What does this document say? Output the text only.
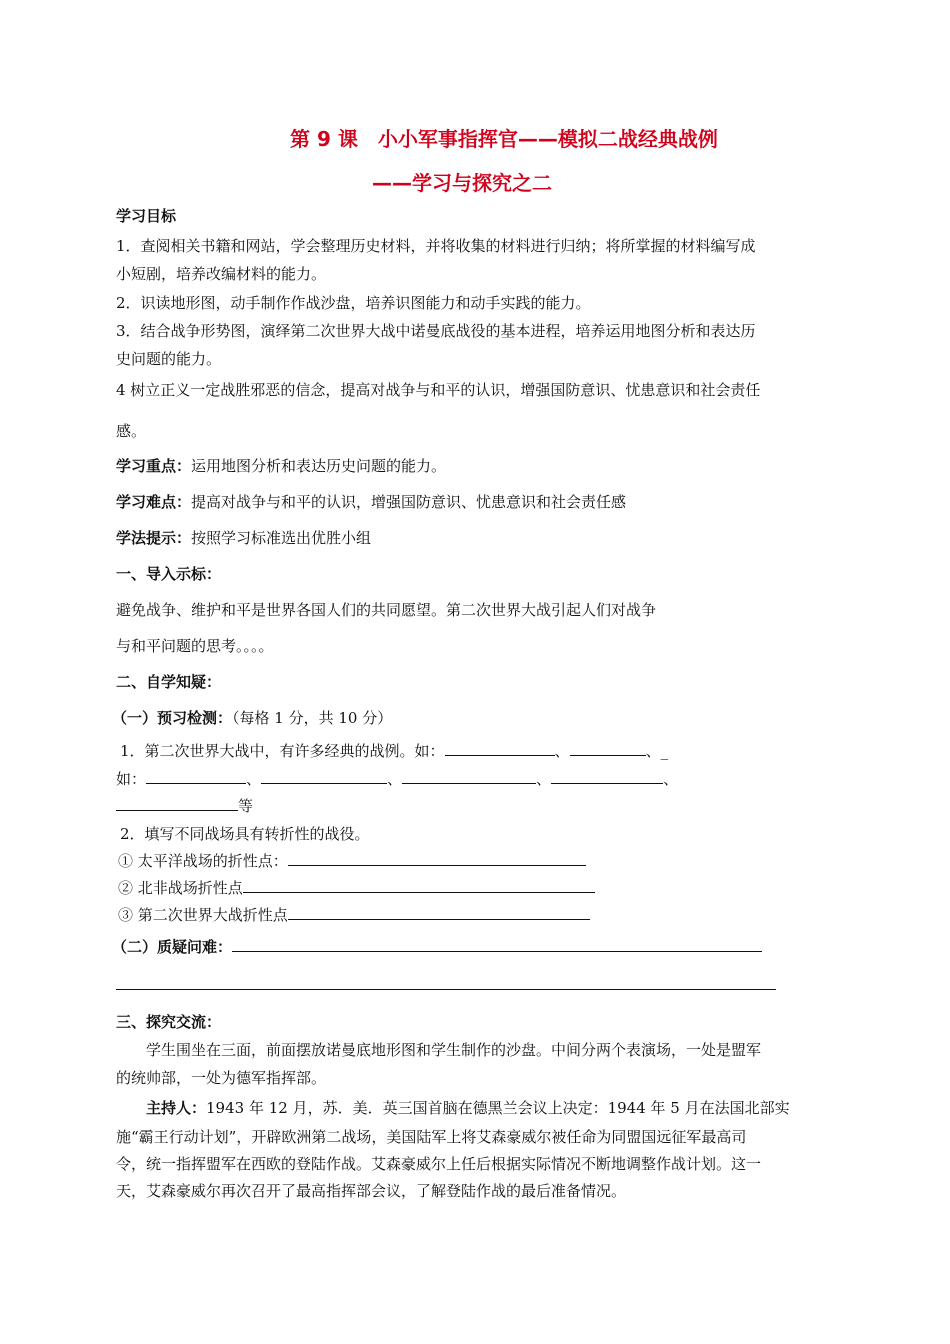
第 9 课　小小军事指挥官——模拟二战经典战例
——学习与探究之二
学习目标
1．查阅相关书籍和网站，学会整理历史材料，并将收集的材料进行归纳；将所掌握的材料编写成
小短剧，培养改编材料的能力。
2．识读地形图，动手制作作战沙盘，培养识图能力和动手实践的能力。
3．结合战争形势图，演绎第二次世界大战中诺曼底战役的基本进程，培养运用地图分析和表达历
史问题的能力。
4 树立正义一定战胜邪恶的信念，提高对战争与和平的认识，增强国防意识、忧患意识和社会责任
感。
学习重点：运用地图分析和表达历史问题的能力。
学习难点：提高对战争与和平的认识，增强国防意识、忧患意识和社会责任感
学法提示：按照学习标准选出优胜小组
一、导入示标：
避免战争、维护和平是世界各国人们的共同愿望。第二次世界大战引起人们对战争
与和平问题的思考。。。。
二、自学知疑：
（一）预习检测：（每格 1 分，共 10 分）
1．第二次世界大战中，有许多经典的战例。如：	、	、_
如：	、	、	、	、
等
2．填写不同战场具有转折性的战役。
① 太平洋战场的折性点：
② 北非战场折性点
③ 第二次世界大战折性点
（二）质疑问难：
三、探究交流：
学生围坐在三面，前面摆放诺曼底地形图和学生制作的沙盘。中间分两个表演场，一处是盟军
的统帅部，一处为德军指挥部。
主持人：1943 年 12 月，苏．美．英三国首脑在德黑兰会议上决定：1944 年 5 月在法国北部实
施“霸王行动计划”，开辟欧洲第二战场，美国陆军上将艾森豪威尔被任命为同盟国远征军最高司
令，统一指挥盟军在西欧的登陆作战。艾森豪威尔上任后根据实际情况不断地调整作战计划。这一
天，艾森豪威尔再次召开了最高指挥部会议，了解登陆作战的最后准备情况。
